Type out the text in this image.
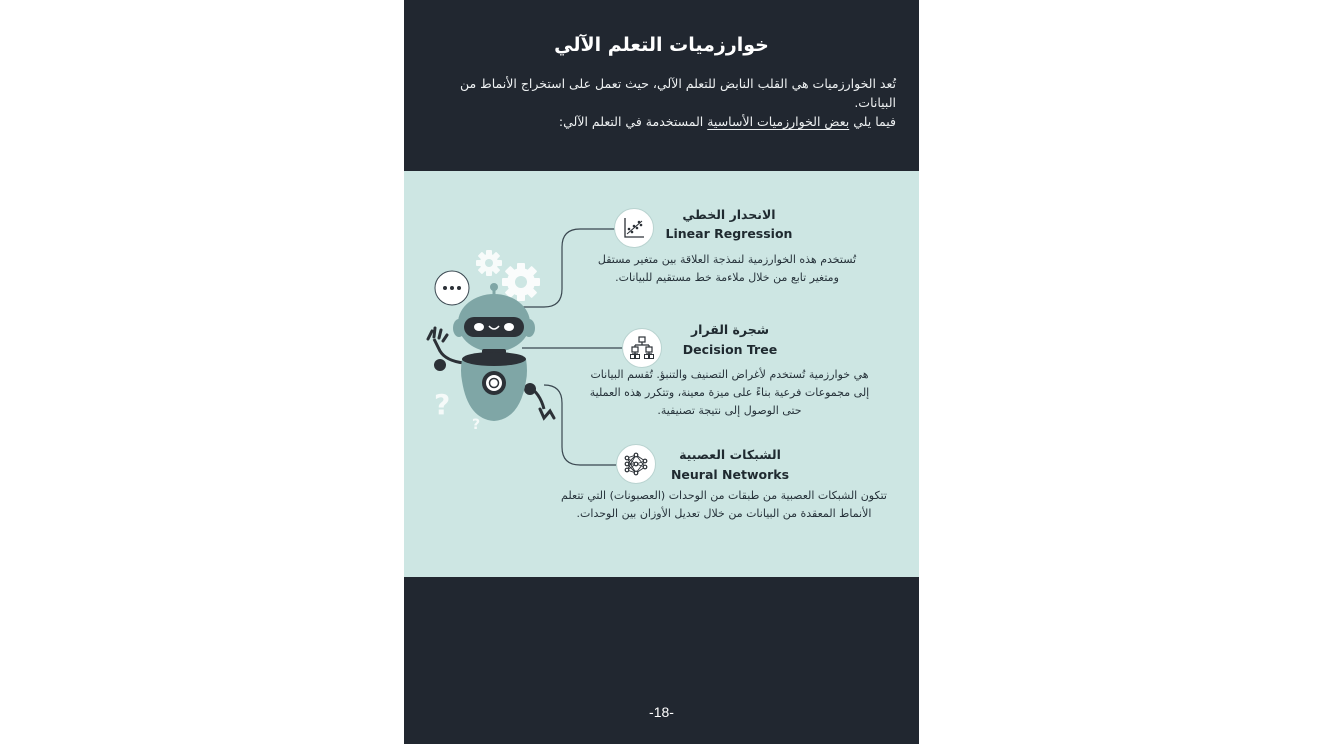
خوارزميات التعلم الآلي
تُعد الخوارزميات هي القلب النابض للتعلم الآلي، حيث تعمل على استخراج الأنماط من البيانات.
فيما يلي بعض الخوارزميات الأساسية المستخدمة في التعلم الآلي:
?
?
الانحدار الخطي
Linear Regression
تُستخدم هذه الخوارزمية لنمذجة العلاقة بين متغير مستقل ومتغير تابع من خلال ملاءمة خط مستقيم للبيانات.
شجرة القرار
Decision Tree
هي خوارزمية تُستخدم لأغراض التصنيف والتنبؤ. تُقسم البيانات إلى مجموعات فرعية بناءً على ميزة معينة، وتتكرر هذه العملية حتى الوصول إلى نتيجة تصنيفية.
الشبكات العصبية
Neural Networks
تتكون الشبكات العصبية من طبقات من الوحدات (العصبونات) التي تتعلم الأنماط المعقدة من البيانات من خلال تعديل الأوزان بين الوحدات.
-18-
